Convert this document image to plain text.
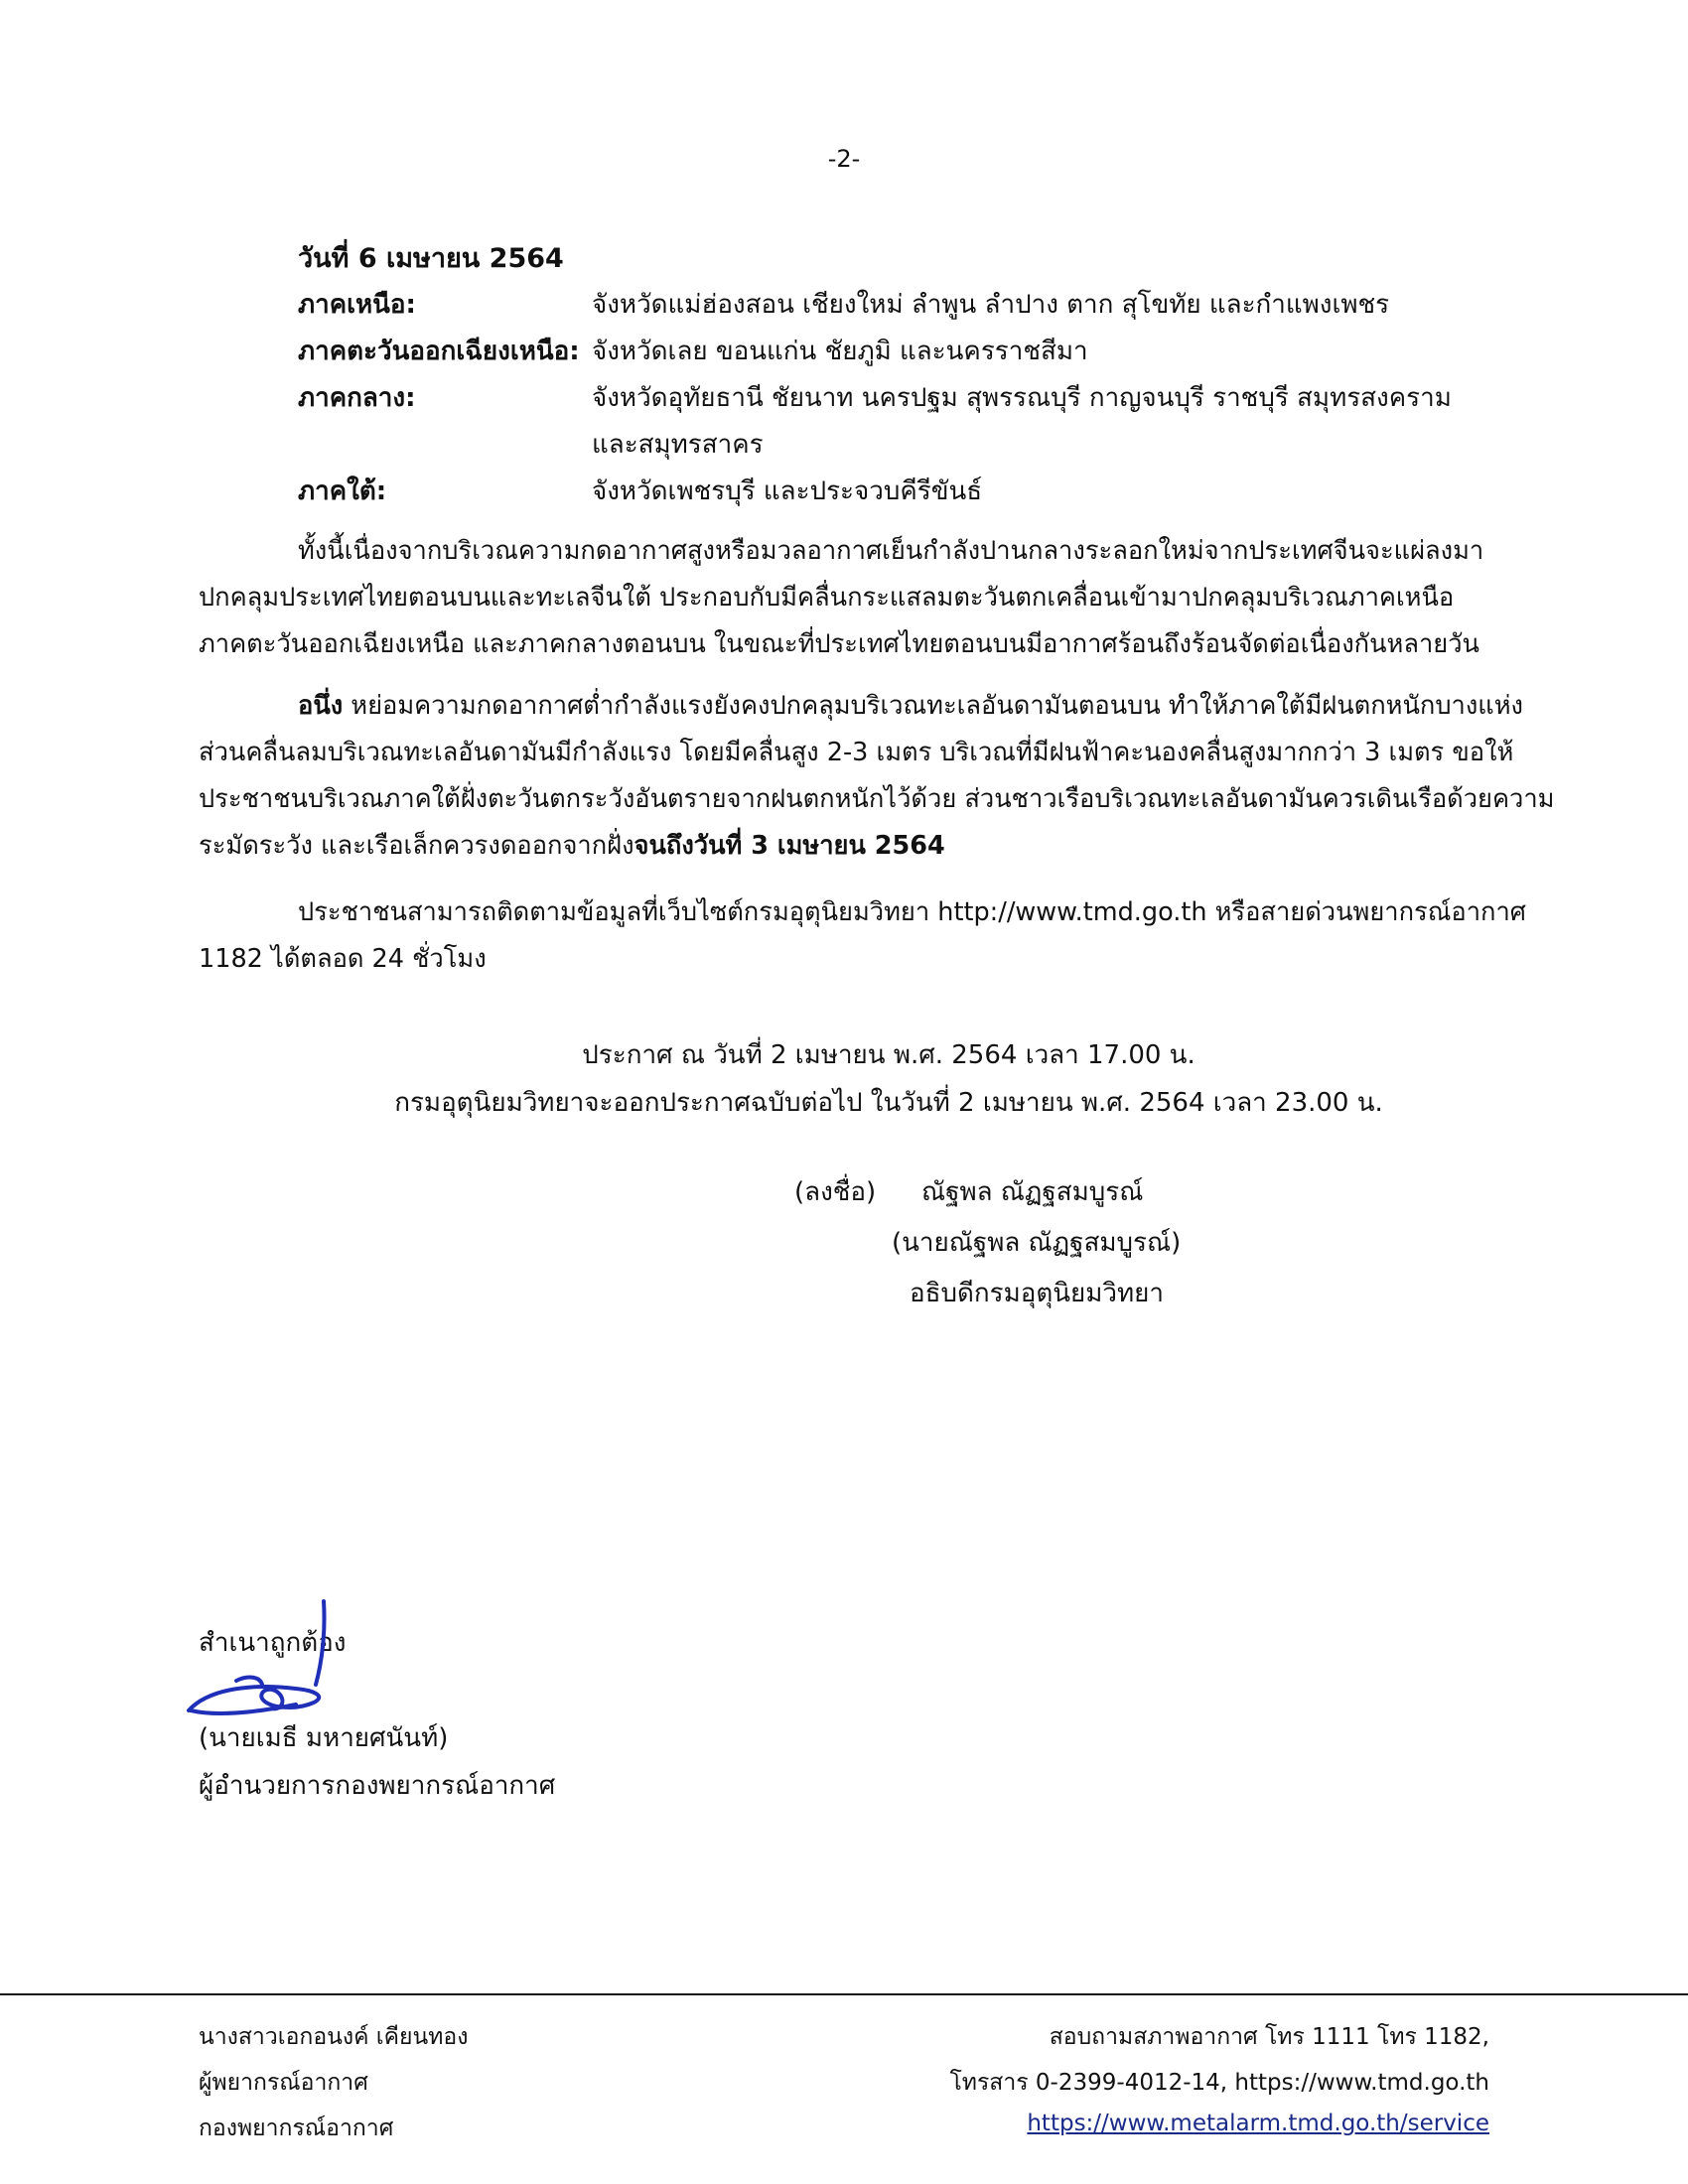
-2-
วันที่ 6 เมษายน 2564
ภาคเหนือ:	จังหวัดแม่ฮ่องสอน เชียงใหม่ ลำพูน ลำปาง ตาก สุโขทัย และกำแพงเพชร
ภาคตะวันออกเฉียงเหนือ: จังหวัดเลย ขอนแก่น ชัยภูมิ และนครราชสีมา
ภาคกลาง:	จังหวัดอุทัยธานี ชัยนาท นครปฐม สุพรรณบุรี กาญจนบุรี ราชบุรี สมุทรสงคราม
และสมุทรสาคร
ภาคใต้:	จังหวัดเพชรบุรี และประจวบคีรีขันธ์
ทั้งนี้เนื่องจากบริเวณความกดอากาศสูงหรือมวลอากาศเย็นกำลังปานกลางระลอกใหม่จากประเทศจีนจะแผ่ลงมา
ปกคลุมประเทศไทยตอนบนและทะเลจีนใต้ ประกอบกับมีคลื่นกระแสลมตะวันตกเคลื่อนเข้ามาปกคลุมบริเวณภาคเหนือ
ภาคตะวันออกเฉียงเหนือ และภาคกลางตอนบน ในขณะที่ประเทศไทยตอนบนมีอากาศร้อนถึงร้อนจัดต่อเนื่องกันหลายวัน
อนึ่ง หย่อมความกดอากาศต่ำกำลังแรงยังคงปกคลุมบริเวณทะเลอันดามันตอนบน ทำให้ภาคใต้มีฝนตกหนักบางแห่ง
ส่วนคลื่นลมบริเวณทะเลอันดามันมีกำลังแรง โดยมีคลื่นสูง 2-3 เมตร บริเวณที่มีฝนฟ้าคะนองคลื่นสูงมากกว่า 3 เมตร ขอให้
ประชาชนบริเวณภาคใต้ฝั่งตะวันตกระวังอันตรายจากฝนตกหนักไว้ด้วย ส่วนชาวเรือบริเวณทะเลอันดามันควรเดินเรือด้วยความ
ระมัดระวัง และเรือเล็กควรงดออกจากฝั่งจนถึงวันที่ 3 เมษายน 2564
ประชาชนสามารถติดตามข้อมูลที่เว็บไซต์กรมอุตุนิยมวิทยา http://www.tmd.go.th หรือสายด่วนพยากรณ์อากาศ
1182 ได้ตลอด 24 ชั่วโมง
ประกาศ ณ วันที่ 2 เมษายน พ.ศ. 2564 เวลา 17.00 น.
กรมอุตุนิยมวิทยาจะออกประกาศฉบับต่อไป ในวันที่ 2 เมษายน พ.ศ. 2564 เวลา 23.00 น.
(ลงชื่อ) ณัฐพล ณัฏฐสมบูรณ์
(นายณัฐพล ณัฏฐสมบูรณ์)
อธิบดีกรมอุตุนิยมวิทยา
สำเนาถูกต้อง
(นายเมธี มหายศนันท์)
ผู้อำนวยการกองพยากรณ์อากาศ
นางสาวเอกอนงค์ เคียนทอง
ผู้พยากรณ์อากาศ
กองพยากรณ์อากาศ
สอบถามสภาพอากาศ โทร 1111 โทร 1182,
โทรสาร 0-2399-4012-14, https://www.tmd.go.th
https://www.metalarm.tmd.go.th/service
